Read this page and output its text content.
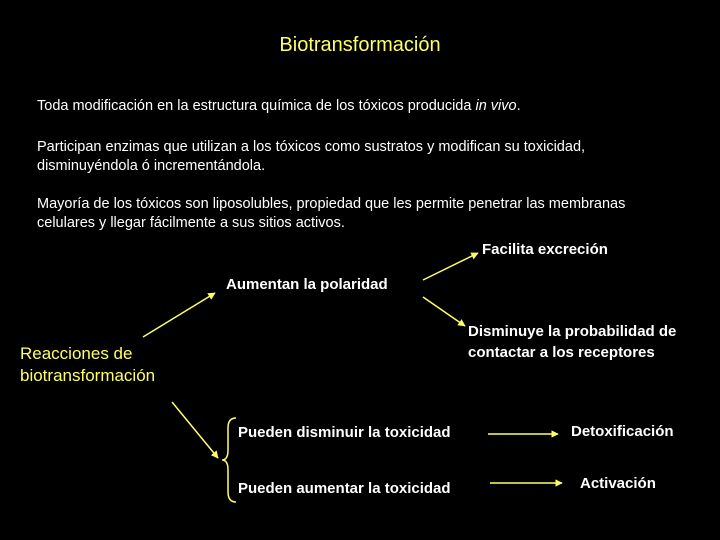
Biotransformación
Toda modificación en la estructura química de los tóxicos producida in vivo.
Participan enzimas que utilizan a los tóxicos como sustratos y modifican su toxicidad,
disminuyéndola ó incrementándola.
Mayoría de los tóxicos son liposolubles, propiedad que les permite penetrar las membranas
celulares y llegar fácilmente a sus sitios activos.
Reacciones de
biotransformación
Aumentan la polaridad
Facilita excreción
Disminuye la probabilidad de
contactar a los receptores
Pueden disminuir la toxicidad
Pueden aumentar la toxicidad
Detoxificación
Activación
